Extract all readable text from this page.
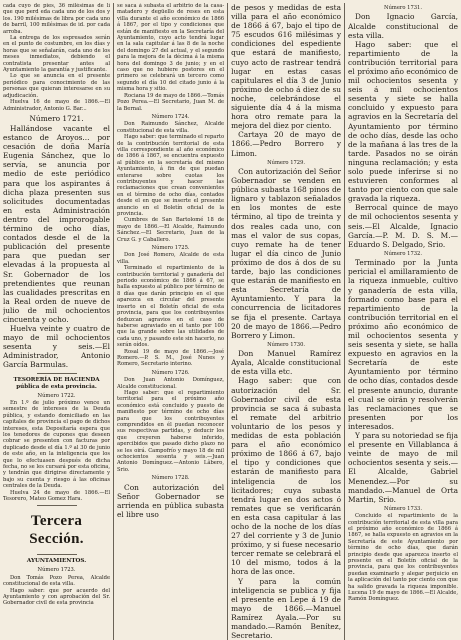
cada cuyo de pies, 36 milésimas de lí que que perd eda cada uno de los dos y los. 190 milésimas de libra por cada uno de barril, 100 milésimas de id. por cada arroba.

La entrega de los espresados serán en el punto de costumbre, en los días y horas que se señalarán, cada uno de los meses inmediatos, debiendo el contratista presentar antes al Ayuntamiento la garantía y justificante.

Lo que se anuncia en el presente periódico para conocimiento de las personas que quieran interesarse en su adjudicación.

Huelva 16 de mayo de 1866.—El Administrador, Antonio G. Bar...

Número 1721.

Hallándose vacante el estanco de Aroyos... por cesación de doña María Eugenia Sánchez, que lo servía, se anuncia por medio de este periódico para que los aspirantes á dicha plaza presenten sus solicitudes documentadas en esta Administración dentro del improrogable término de ocho días, contados desde el de la publicación del presente para que puedan ser elevadas á la propuesta al Sr. Gobernador de los pretendientes que reunan las cualidades prescritas en la Real orden de nueve de julio de mil ochocientos cincuenta y ocho.

Huelva veinte y cuatro de mayo de mil ochocientos sesenta y seis.—El Administrador, Antonio García Barmulas.

TESORERÍA DE HACIENDA pública de esta provincia.

Número 1722.

En 1.º de julio próximo vence un semestre de intereses de la Deuda pública, y estando domiciliado en las capitales de provincia el pago de dichos intereses, esta Depositaría espera que los tenedores de cupones que deseen cobrar se presenten con facturas por duplicado desde el día 1.º al 30 de junio de este año, en la inteligencia que los que lo efectuasen después de dicha fecha, no se les cursará por esta oficina, y tendrán que dirigirse directamente y bajo su cuenta y riesgo á las oficinas centrales de la Deuda.

Huelva 24 de mayo de 1866.—El Tesorero, Mateo Gomez Hara.

Tercera Sección.

AYUNTAMIENTOS.

Número 1723.

Don Tomás Pozo Perea, Alcalde constitucional de esta villa.

Hago saber: que por acuerdo del Ayuntamiento y con aprobación del Sr. Gobernador civil de esta provincia

se saca á subasta el arbitrio de la casa-matadero y degüello de reses en esta villa durante el año económico de 1866 á 1867, por el tipo y condiciones que están de manifiesto en la Secretaría del Ayuntamiento, cuyo acto tendrá lugar en la sala capitular á las 8 de la noche del domingo 27 del actual, y el segundo para la mejora de la décima á la misma hora del domingo 3 de junio; y en el caso que no hubiere postores en el primero se celebrará un tercero como segundo el día 10 del citado junio á la misma hora y sitio.

Rociana 19 de mayo de 1866.—Tomás Pozo Perea.—El Secretario, Juan M. de la Bernal.

Número 1724.

Don Raimundo Sánchez, Alcalde constitucional de esta villa.

Hago saber: que terminado el reparto de la contribución territorial de esta villa correspondiente al año económico de 1866 á 1867, se encuentra expuesto al público en la secretaría del mismo Ayuntamiento, á fin de que puedan enterarse sobre cuotas los contribuyentes y hacer las reclamaciones que crean convenientes en el término de ocho días, contados desde el en que se inserte el presente anuncio en el Boletín oficial de la provincia.

Cumbres de San Bartolomé 18 de mayo de 1866.—El Alcalde, Raimundo Sánchez.—El Secretario, Juan de la Cruz G. y Caballero.

Número 1725.

Don José Romero, Alcalde de esta villa.

Terminado el repartimiento de la contribución territorial y ganadería del periodo económico de 1866 á 67, se halla expuesto al público por término de 8 días que darán principio en el que aparezca en circular del presente inserto en el Boletín oficial de esta provincia, para que los contribuyentes deduzcan agravios en el caso de haberse agraviado en el tanto por 100 que la grande sobre las utilidades de cada uno, y pasando este sin hacerlo, no serán oídos.

Rosal 19 de mayo de 1866.—José Romero.—P. S. M., José Nunes y Romero, Secretario interino.

Número 1726.

Don Juan Antonio Domínguez, Alcalde constitucional.

Hago saber: que el repartimiento territorial para el próximo año económico está concluido y puesto de manifiesto por término de ocho días para que los contribuyentes comprendidos en él puedan reconocer sus respectivas partidas, y deducir los que creyeren haberse inferido, apercibidos que pasado dicho plazo no se les oirá. Campofrío y mayo 18 de mil ochocientos sesenta y seis.—Juan Antonio Domínguez.—Antonio Lâbero, Srio.

Número 1728.

Con autorización del Señor Gobernador se arrienda en pública subasta el libre uso

de pesos y medidas de esta villa para el año económico de 1866 á 67, bajo el tipo de 75 escudos 616 milésimas y condiciones del espediente que estará de manifiesto, cuyo acto de rastrear tendrá lugar en estas casas capitulares el día 3 de Junio próximo de ocho á diez de su noche, celebrándose el siguiente día 4 á la misma hora otro remate para la mejora del diez por ciento.

Cartaya 20 de mayo de 1866.—Pedro Borrero y Limon.

Número 1729.

Con autorización del Señor Gobernador se venden en pública subasta 168 pinos de lignaro y tablazon señalados en los montes de este término, al tipo de treinta y dos reales cada uno, con mas el valor de sus copas, cuyo remate ha de tener lugar el día cinco de Junio próximo de dos á dos de su tarde, bajo las condiciones que estarán de manifiesto en esta Secretaría de Ayuntamiento. Y para la concurrencia de licitadores se fija el presente. Cartaya 20 de mayo de 1866.—Pedro Borrero y Limon.

Número 1730.

Don Manuel Ramírez Ayala, Alcalde constitucional de esta villa etc.

Hago saber: que con autorización del Sr. Gobernador civil de esta provincia se saca á subasta el remate del arbitrio voluntario de los pesos y medidas de esta población para el año económico próximo de 1866 á 67, bajo el tipo y condiciones que estarán de manifiesto para inteligencia de los licitadores; cuya subasta tendrá lugar en dos actos ó remates que se verificarán en esta casa capitular á las ocho de la noche de los días 27 del corriente y 3 de Junio próximo, y si fuese necesario tercer remate se celebrará el 10 del mismo, todos á la hora de las once.

Y para la común inteligencia se publica y fija el presente en Lepe á 19 de mayo de 1866.—Manuel Ramírez Ayala.—Por su mandado.—Ramón Benítez, Secretario.

Número 1731.

Don Ignacio García, Alcalde constitucional de esta villa.

Hago saber: que el repartimiento de la contribución territorial para el próximo año económico de mil ochocientos sesenta y seis á mil ochocientos sesenta y siete se halla concluido y expuesto para agravios en la Secretaría del Ayuntamiento por término de ocho días, desde las ocho de la mañana á las tres de la tarde. Pasados no se oirán ninguna reclamación; y esta solo puede inferirse si no estuvieren conformes al tanto por ciento con que sale gravada la riqueza.

Berrocal quince de mayo de mil ochocientos sesenta y seis.—El Alcalde, Ignacio García.—P. M. D. S. M.—Eduardo S. Delgado, Srio.

Número 1732.

Terminado por la Junta pericial el amillaramiento de la riqueza inmueble, cultivo y ganadería de esta villa, formado como base para el repartimiento de la contribución territorial en el próximo año económico de mil ochocientos sesenta y seis sesenta y siete, se halla expuesto en agravios en la Secretaría de este Ayuntamiento por término de ocho días, contados desde el presente anuncio, durante el cual se oirán y resolverán las reclamaciones que se presenten por los interesados.

Y para su notoriedad se fija el presente en Villablanca á veinte de mayo de mil ochocientos sesenta y seis.—El Alcalde, Gabriel Menendez.—Por su mandado.—Manuel de Orta Martin, Srio.

Número 1733.

Concluido el repartimiento de la contribución territorial de esta villa para el próximo año económico de 1866 á 1867, se halla expuesto en agravios en la Secretaría de este Ayuntamiento por término de ocho días, que darán principio desde que aparezca inserto el presente en el Boletín oficial de la provincia, para que los contribuyentes puedan examinarlo y alegar perjuicio en la aplicación del tanto por ciento con que ha salido gravada la riqueza imponible. Lucena 19 de mayo de 1866.—El Alcalde, Ramón Domínguez.
